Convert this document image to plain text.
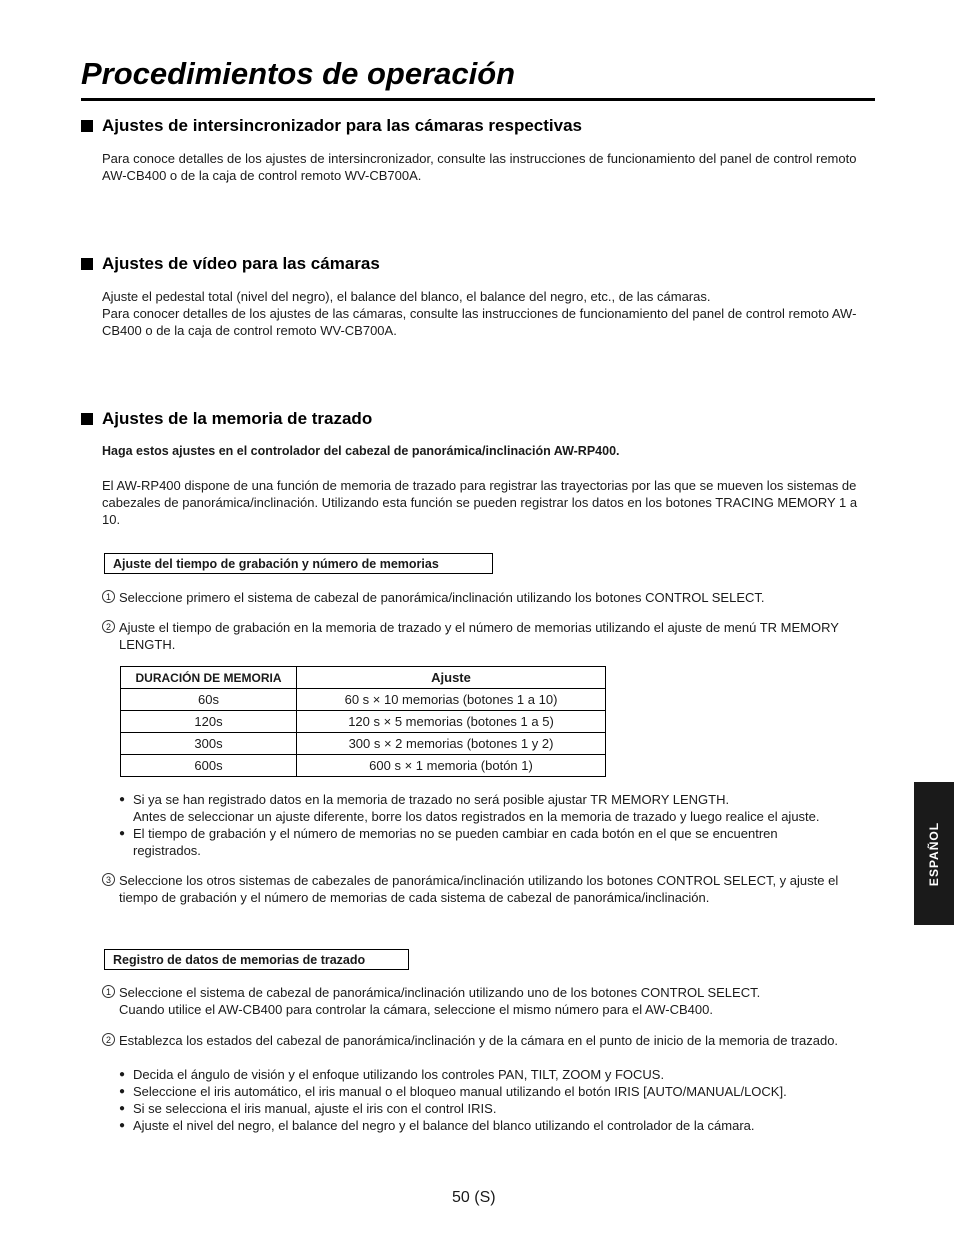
Procedimientos de operación
Ajustes de intersincronizador para las cámaras respectivas

Para conoce detalles de los ajustes de intersincronizador, consulte las instrucciones de funcionamiento del panel de control remoto AW-CB400 o de la caja de control remoto WV-CB700A.

Ajustes de vídeo para las cámaras

Ajuste el pedestal total (nivel del negro), el balance del blanco, el balance del negro, etc., de las cámaras.

Para conocer detalles de los ajustes de las cámaras, consulte las instrucciones de funcionamiento del panel de control remoto AW-CB400 o de la caja de control remoto WV-CB700A.

Ajustes de la memoria de trazado
Haga estos ajustes en el controlador del cabezal de panorámica/inclinación AW-RP400.

El AW-RP400 dispone de una función de memoria de trazado para registrar las trayectorias por las que se mueven los sistemas de cabezales de panorámica/inclinación. Utilizando esta función se pueden registrar los datos en los botones TRACING MEMORY 1 a 10.

Ajuste del tiempo de grabación y número de memorias
1 Seleccione primero el sistema de cabezal de panorámica/inclinación utilizando los botones CONTROL SELECT.

2 Ajuste el tiempo de grabación en la memoria de trazado y el número de memorias utilizando el ajuste de menú TR MEMORY LENGTH.

DURACIÓN DE MEMORIA	Ajuste
60s	60 s × 10 memorias (botones 1 a 10)
120s	120 s × 5 memorias (botones 1 a 5)
300s	300 s × 2 memorias (botones 1 y 2)
600s	600 s × 1 memoria (botón 1)
● Si ya se han registrado datos en la memoria de trazado no será posible ajustar TR MEMORY LENGTH.

Antes de seleccionar un ajuste diferente, borre los datos registrados en la memoria de trazado y luego realice el ajuste.

● El tiempo de grabación y el número de memorias no se pueden cambiar en cada botón en el que se encuentren registrados.

3 Seleccione los otros sistemas de cabezales de panorámica/inclinación utilizando los botones CONTROL SELECT, y ajuste el tiempo de grabación y el número de memorias de cada sistema de cabezal de panorámica/inclinación.

Registro de datos de memorias de trazado
1 Seleccione el sistema de cabezal de panorámica/inclinación utilizando uno de los botones CONTROL SELECT.

Cuando utilice el AW-CB400 para controlar la cámara, seleccione el mismo número para el AW-CB400.

2 Establezca los estados del cabezal de panorámica/inclinación y de la cámara en el punto de inicio de la memoria de trazado.

● Decida el ángulo de visión y el enfoque utilizando los controles PAN, TILT, ZOOM y FOCUS.

● Seleccione el iris automático, el iris manual o el bloqueo manual utilizando el botón IRIS [AUTO/MANUAL/LOCK].

● Si se selecciona el iris manual, ajuste el iris con el control IRIS.

● Ajuste el nivel del negro, el balance del negro y el balance del blanco utilizando el controlador de la cámara.

ESPAÑOL
50 (S)
